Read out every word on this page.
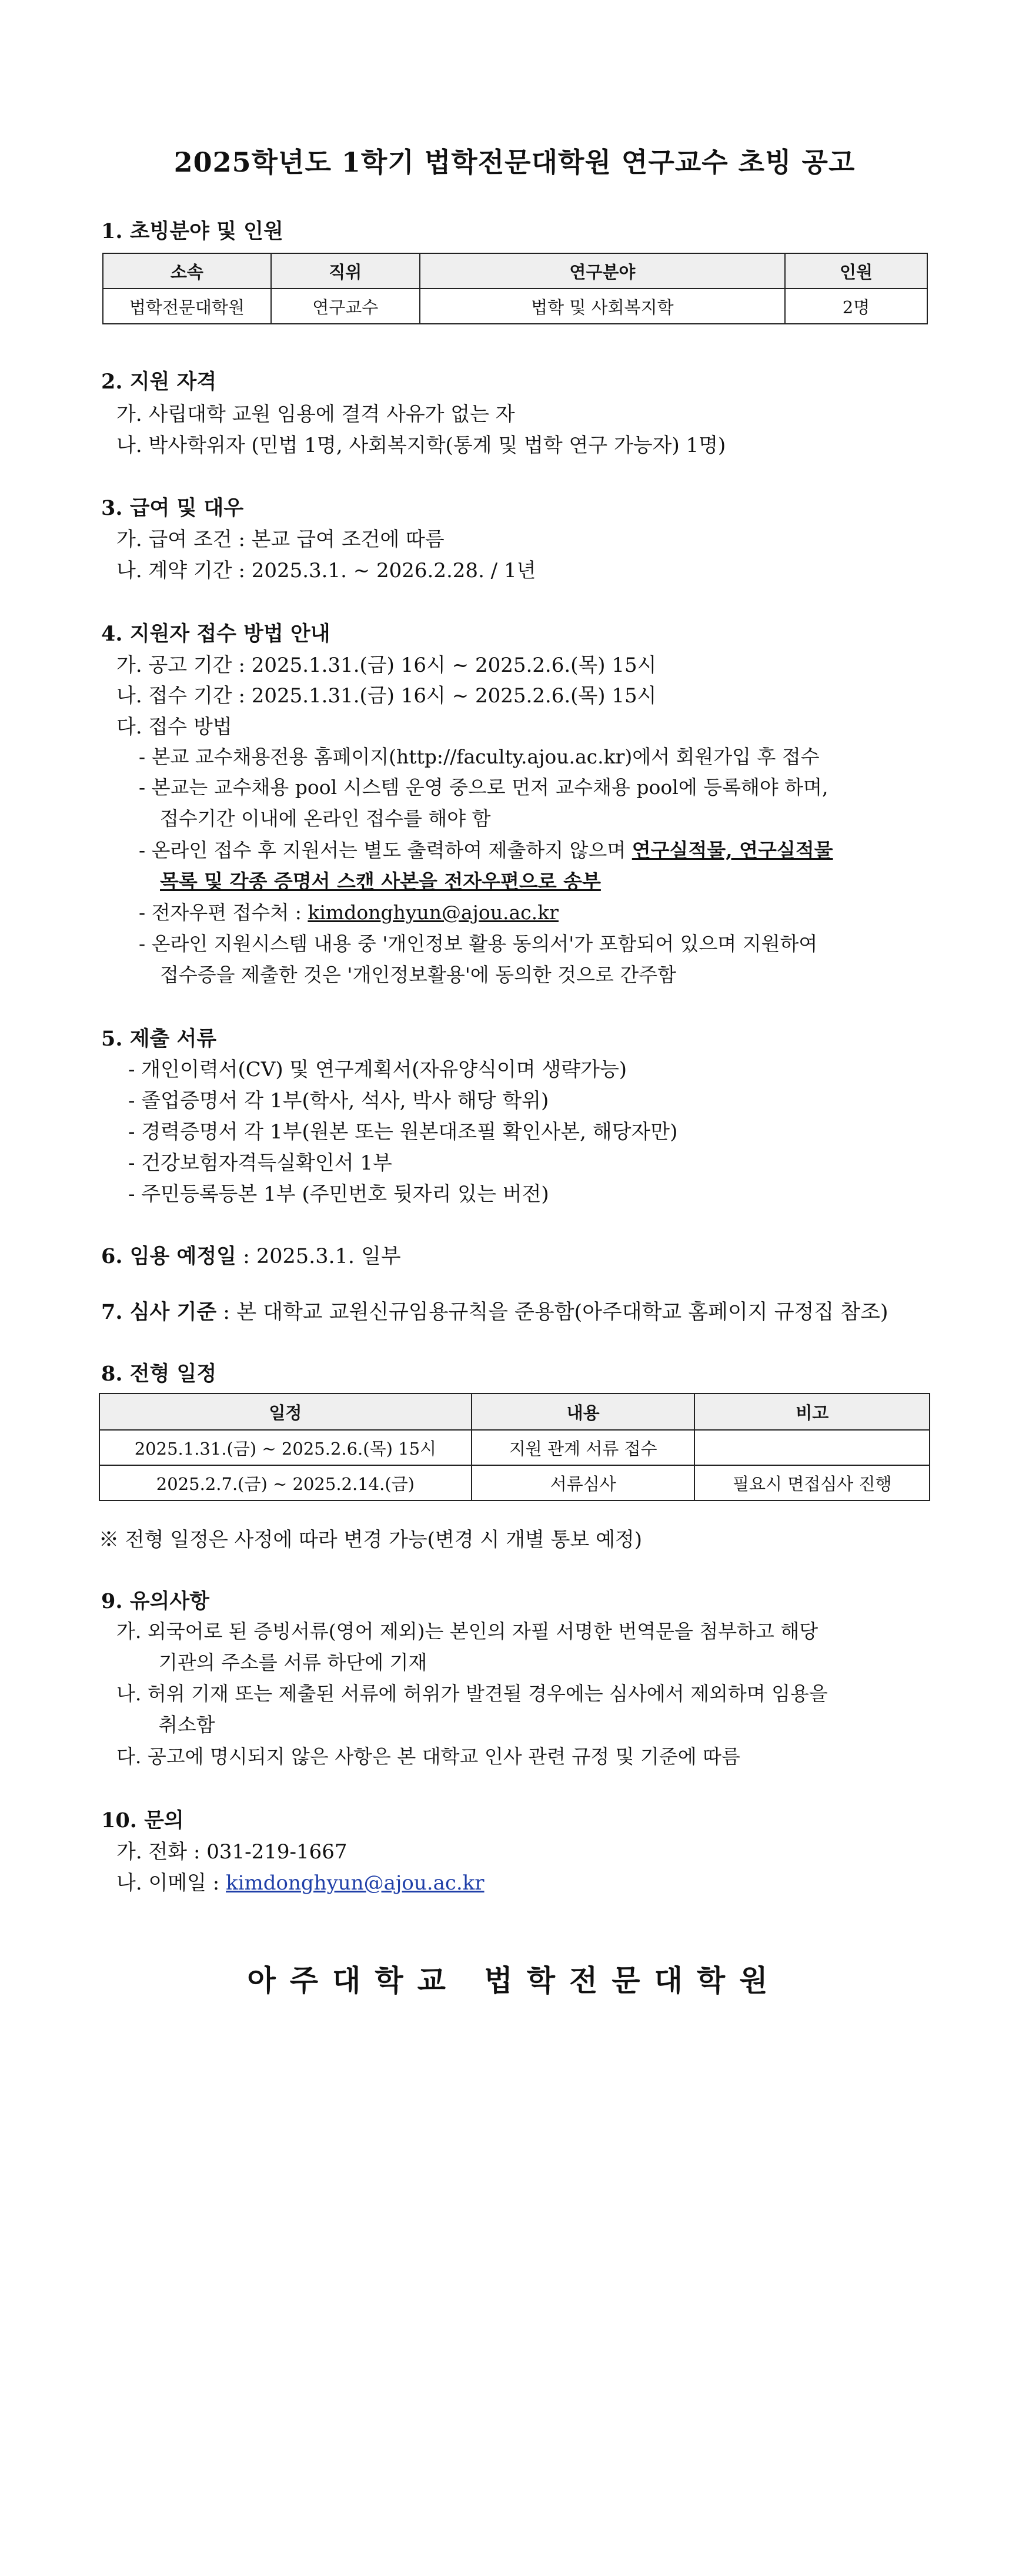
2025학년도 1학기 법학전문대학원 연구교수 초빙 공고
1. 초빙분야 및 인원
소속	직위	연구분야	인원
법학전문대학원	연구교수	법학 및 사회복지학	2명
2. 지원 자격
가. 사립대학 교원 임용에 결격 사유가 없는 자
나. 박사학위자 (민법 1명, 사회복지학(통계 및 법학 연구 가능자) 1명)
3. 급여 및 대우
가. 급여 조건 : 본교 급여 조건에 따름
나. 계약 기간 : 2025.3.1. ~ 2026.2.28. / 1년
4. 지원자 접수 방법 안내
가. 공고 기간 : 2025.1.31.(금) 16시 ~ 2025.2.6.(목) 15시
나. 접수 기간 : 2025.1.31.(금) 16시 ~ 2025.2.6.(목) 15시
다. 접수 방법
- 본교 교수채용전용 홈페이지(http://faculty.ajou.ac.kr)에서 회원가입 후 접수
- 본교는 교수채용 pool 시스템 운영 중으로 먼저 교수채용 pool에 등록해야 하며,
접수기간 이내에 온라인 접수를 해야 함
- 온라인 접수 후 지원서는 별도 출력하여 제출하지 않으며 연구실적물, 연구실적물
목록 및 각종 증명서 스캔 사본을 전자우편으로 송부
- 전자우편 접수처 : kimdonghyun@ajou.ac.kr
- 온라인 지원시스템 내용 중 '개인정보 활용 동의서'가 포함되어 있으며 지원하여
접수증을 제출한 것은 '개인정보활용'에 동의한 것으로 간주함
5. 제출 서류
- 개인이력서(CV) 및 연구계획서(자유양식이며 생략가능)
- 졸업증명서 각 1부(학사, 석사, 박사 해당 학위)
- 경력증명서 각 1부(원본 또는 원본대조필 확인사본, 해당자만)
- 건강보험자격득실확인서 1부
- 주민등록등본 1부 (주민번호 뒷자리 있는 버전)
6. 임용 예정일 : 2025.3.1. 일부
7. 심사 기준 : 본 대학교 교원신규임용규칙을 준용함(아주대학교 홈페이지 규정집 참조)
8. 전형 일정
일정	내용	비고
2025.1.31.(금) ~ 2025.2.6.(목) 15시	지원 관계 서류 접수	
2025.2.7.(금) ~ 2025.2.14.(금)	서류심사	필요시 면접심사 진행
※ 전형 일정은 사정에 따라 변경 가능(변경 시 개별 통보 예정)
9. 유의사항
가. 외국어로 된 증빙서류(영어 제외)는 본인의 자필 서명한 번역문을 첨부하고 해당
기관의 주소를 서류 하단에 기재
나. 허위 기재 또는 제출된 서류에 허위가 발견될 경우에는 심사에서 제외하며 임용을
취소함
다. 공고에 명시되지 않은 사항은 본 대학교 인사 관련 규정 및 기준에 따름
10. 문의
가. 전화 : 031-219-1667
나. 이메일 : kimdonghyun@ajou.ac.kr
아주대학교 법학전문대학원
